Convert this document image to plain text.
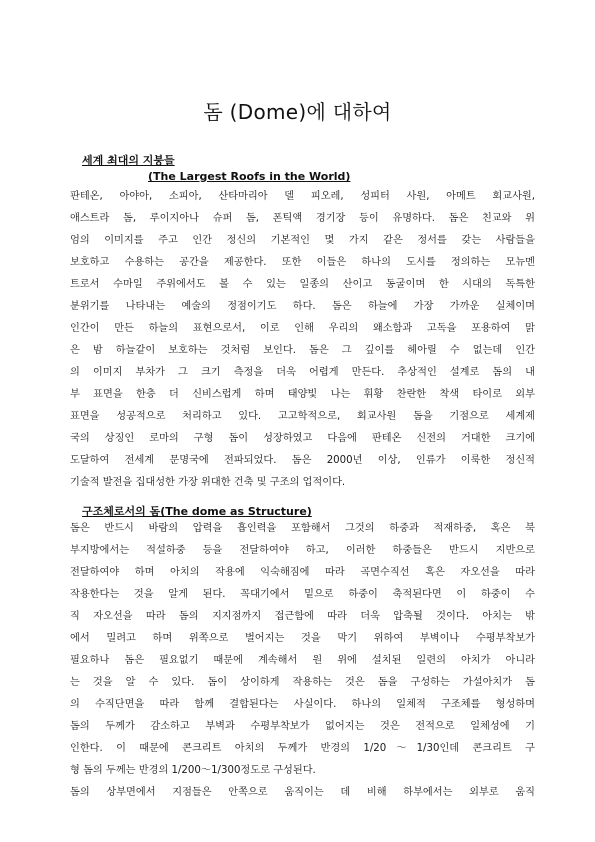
돔 (Dome)에 대하여
세계 최대의 지붕들
(The Largest Roofs in the World)
판테온, 아야아, 소피아, 산타마리아 델 피오레, 성피터 사원, 아메트 회교사원,
애스트라 돔, 루이지아나 슈퍼 돔, 폰틱액 경기장 등이 유명하다. 돔은 친교와 위
엄의 이미지를 주고 인간 정신의 기본적인 몇 가지 같은 정서를 갖는 사람들을
보호하고 수용하는 공간을 제공한다. 또한 이들은 하나의 도시를 정의하는 모뉴멘
트로서 수마일 주위에서도 볼 수 있는 일종의 산이고 동굴이며 한 시대의 독특한
분위기를 나타내는 예술의 정점이기도 하다. 돔은 하늘에 가장 가까운 실체이며
인간이 만든 하늘의 표현으로서, 이로 인해 우리의 왜소함과 고독을 포용하여 맑
은 밤 하늘같이 보호하는 것처럼 보인다. 돔은 그 깊이를 헤아릴 수 없는데 인간
의 이미지 부차가 그 크기 측정을 더욱 어렵게 만든다. 추상적인 설계로 돔의 내
부 표면을 한층 더 신비스럽게 하며 태양빛 나는 휘황 찬란한 착색 타이로 외부
표면을 성공적으로 처리하고 있다. 고고학적으로, 회교사원 돔을 기점으로 세계제
국의 상징인 로마의 구형 돔이 성장하였고 다음에 판테온 신전의 거대한 크기에
도달하여 전세계 문명국에 전파되었다. 돔은 2000년 이상, 인류가 이룩한 정신적
기술적 발전을 집대성한 가장 위대한 건축 및 구조의 업적이다.
구조체로서의 돔(The dome as Structure)
돔은 반드시 바람의 압력을 흡인력을 포함해서 그것의 하중과 적재하중, 혹은 북
부지방에서는 적설하중 등을 전달하여야 하고, 이러한 하중들은 반드시 지반으로
전달하여야 하며 아치의 작용에 익숙해짐에 따라 곡면수직선 혹은 자오선을 따라
작용한다는 것을 알게 된다. 꼭대기에서 밑으로 하중이 축적된다면 이 하중이 수
직 자오선을 따라 돔의 지지점까지 접근함에 따라 더욱 압축될 것이다. 아치는 밖
에서 밀려고 하며 위쪽으로 벌어지는 것을 막기 위하여 부벽이나 수평부착보가
필요하나 돔은 필요없기 때문에 계속해서 원 위에 설치된 일련의 아치가 아니라
는 것을 알 수 있다. 돔이 상이하게 작용하는 것은 돔을 구성하는 가설아치가 돔
의 수직단면을 따라 함께 결합된다는 사실이다. 하나의 일체적 구조체를 형성하며
돔의 두께가 감소하고 부벽과 수평부착보가 없어지는 것은 전적으로 일체성에 기
인한다. 이 때문에 콘크리트 아치의 두께가 반경의 1/20～1/30인데 콘크리트 구
형 돔의 두께는 반경의 1/200～1/300정도로 구성된다.
돔의 상부면에서 지점들은 안쪽으로 움직이는 데 비해 하부에서는 외부로 움직
